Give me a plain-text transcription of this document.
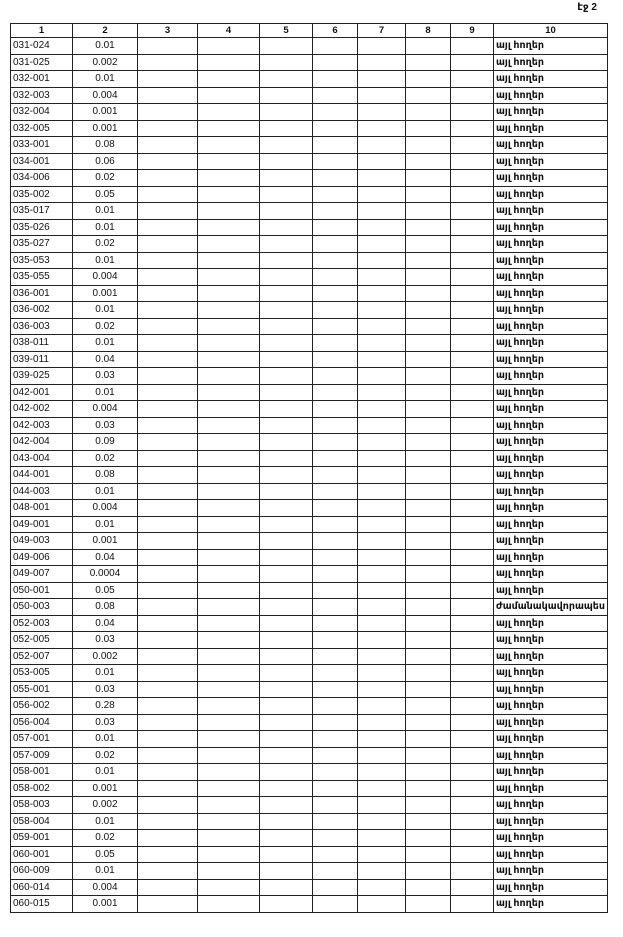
էջ 2
1	2	3	4	5	6	7	8	9	10
031-024	0.01								այլ հողեր
031-025	0.002								այլ հողեր
032-001	0.01								այլ հողեր
032-003	0.004								այլ հողեր
032-004	0.001								այլ հողեր
032-005	0.001								այլ հողեր
033-001	0.08								այլ հողեր
034-001	0.06								այլ հողեր
034-006	0.02								այլ հողեր
035-002	0.05								այլ հողեր
035-017	0.01								այլ հողեր
035-026	0.01								այլ հողեր
035-027	0.02								այլ հողեր
035-053	0.01								այլ հողեր
035-055	0.004								այլ հողեր
036-001	0.001								այլ հողեր
036-002	0.01								այլ հողեր
036-003	0.02								այլ հողեր
038-011	0.01								այլ հողեր
039-011	0.04								այլ հողեր
039-025	0.03								այլ հողեր
042-001	0.01								այլ հողեր
042-002	0.004								այլ հողեր
042-003	0.03								այլ հողեր
042-004	0.09								այլ հողեր
043-004	0.02								այլ հողեր
044-001	0.08								այլ հողեր
044-003	0.01								այլ հողեր
048-001	0.004								այլ հողեր
049-001	0.01								այլ հողեր
049-003	0.001								այլ հողեր
049-006	0.04								այլ հողեր
049-007	0.0004								այլ հողեր
050-001	0.05								այլ հողեր
050-003	0.08								ժամանակավորապես
052-003	0.04								այլ հողեր
052-005	0.03								այլ հողեր
052-007	0.002								այլ հողեր
053-005	0.01								այլ հողեր
055-001	0.03								այլ հողեր
056-002	0.28								այլ հողեր
056-004	0.03								այլ հողեր
057-001	0.01								այլ հողեր
057-009	0.02								այլ հողեր
058-001	0.01								այլ հողեր
058-002	0.001								այլ հողեր
058-003	0.002								այլ հողեր
058-004	0.01								այլ հողեր
059-001	0.02								այլ հողեր
060-001	0.05								այլ հողեր
060-009	0.01								այլ հողեր
060-014	0.004								այլ հողեր
060-015	0.001								այլ հողեր
